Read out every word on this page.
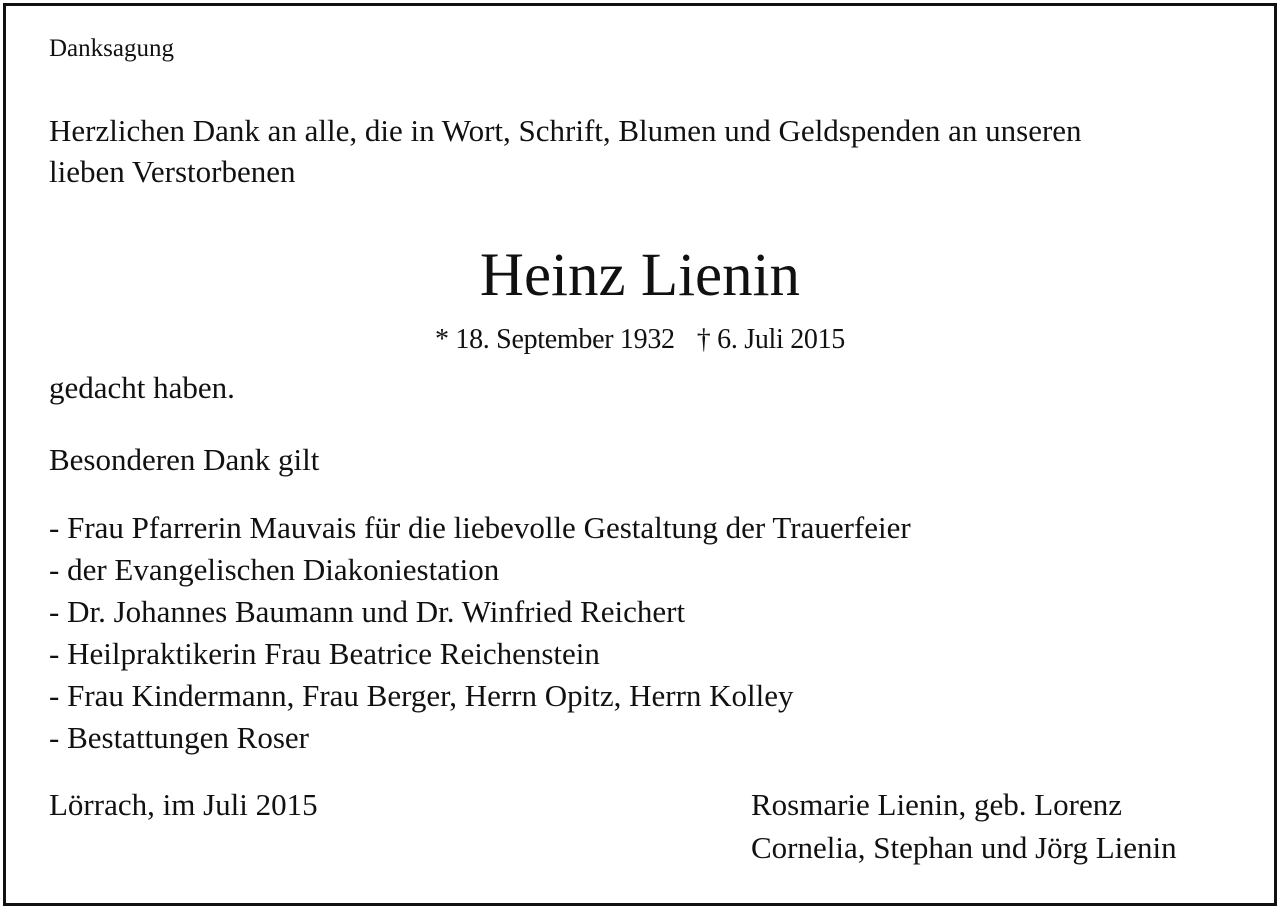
Danksagung

Herzlichen Dank an alle, die in Wort, Schrift, Blumen und Geldspenden an unseren

lieben Verstorbenen

Heinz Lienin

* 18. September 1932 † 6. Juli 2015

gedacht haben.

Besonderen Dank gilt

- Frau Pfarrerin Mauvais für die liebevolle Gestaltung der Trauerfeier
- der Evangelischen Diakoniestation
- Dr. Johannes Baumann und Dr. Winfried Reichert
- Heilpraktikerin Frau Beatrice Reichenstein
- Frau Kindermann, Frau Berger, Herrn Opitz, Herrn Kolley
- Bestattungen Roser

Lörrach, im Juli 2015	Rosmarie Lienin, geb. Lorenz

Cornelia, Stephan und Jörg Lienin
